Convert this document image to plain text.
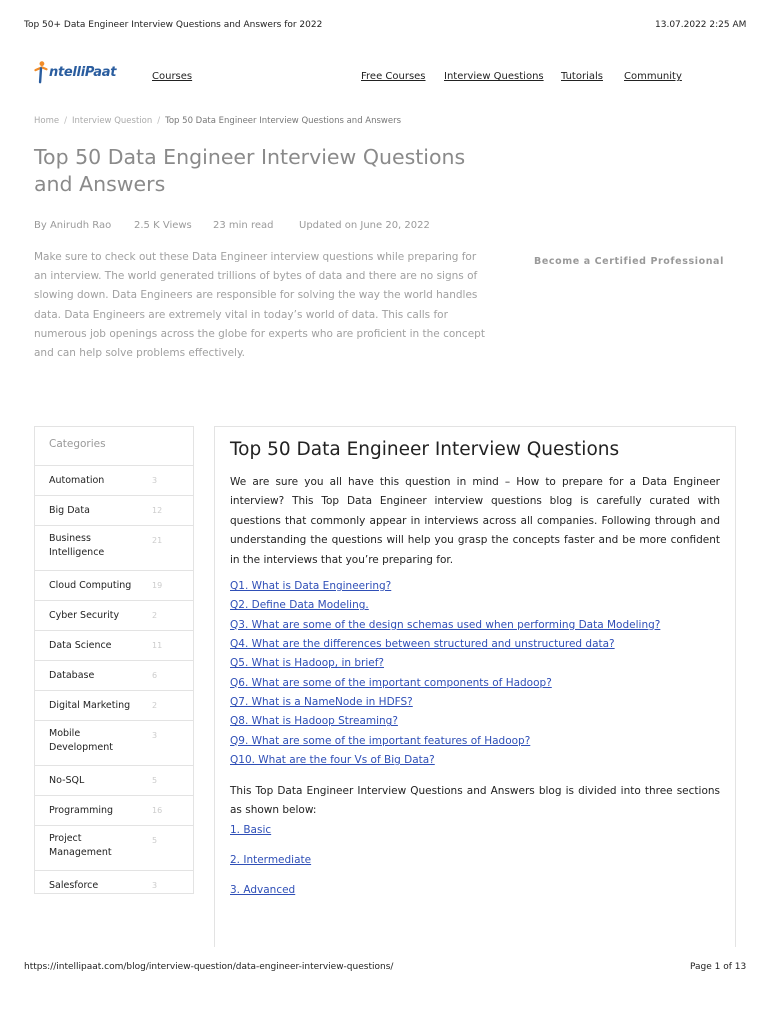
Top 50+ Data Engineer Interview Questions and Answers for 2022	13.07.2022 2:25 AM
ntelliPaat	Courses	Free Courses Interview Questions Tutorials Community
Home / Interview Question / Top 50 Data Engineer Interview Questions and Answers
Top 50 Data Engineer Interview Questions and Answers
By Anirudh Rao 2.5 K Views 23 min read	Updated on June 20, 2022

Make sure to check out these Data Engineer interview questions while preparing for an interview. The world generated trillions of bytes of data and there are no signs of slowing down. Data Engineers are responsible for solving the way the world handles data. Data Engineers are extremely vital in today’s world of data. This calls for numerous job openings across the globe for experts who are proficient in the concept and can help solve problems effectively.

Become a Certified Professional
Categories
Automation	3
Big Data	12
Business Intelligence
21
Cloud Computing	19
Cyber Security	2
Data Science	11
Database	6
Digital Marketing	2
Mobile Development
3
No-SQL	5
Programming	16
Project Management
5
Salesforce	3
Top 50 Data Engineer Interview Questions

We are sure you all have this question in mind – How to prepare for a Data Engineer interview? This Top Data Engineer interview questions blog is carefully curated with questions that commonly appear in interviews across all companies. Following through and understanding the questions will help you grasp the concepts faster and be more confident in the interviews that you’re preparing for.

Q1. What is Data Engineering?
Q2. Define Data Modeling.
Q3. What are some of the design schemas used when performing Data Modeling?
Q4. What are the differences between structured and unstructured data?
Q5. What is Hadoop, in brief?
Q6. What are some of the important components of Hadoop?
Q7. What is a NameNode in HDFS?
Q8. What is Hadoop Streaming?
Q9. What are some of the important features of Hadoop?
Q10. What are the four Vs of Big Data?

This Top Data Engineer Interview Questions and Answers blog is divided into three sections as shown below:

1. Basic
2. Intermediate
3. Advanced
https://intellipaat.com/blog/interview-question/data-engineer-interview-questions/	Page 1 of 13
